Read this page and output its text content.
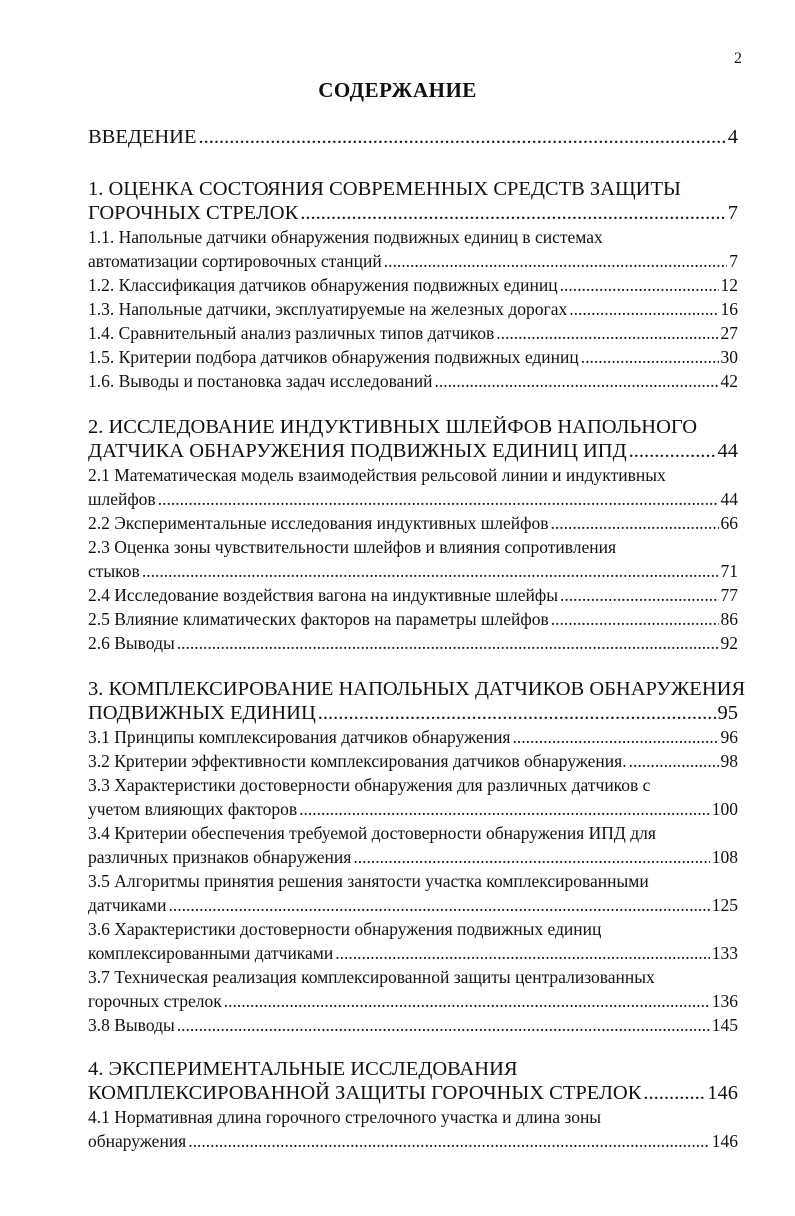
2
СОДЕРЖАНИЕ
ВВЕДЕНИЕ .....	4
1. ОЦЕНКА СОСТОЯНИЯ СОВРЕМЕННЫХ СРЕДСТВ ЗАЩИТЫ
ГОРОЧНЫХ СТРЕЛОК .....	7
1.1. Напольные датчики обнаружения подвижных единиц в системах
автоматизации сортировочных станций .....	7
1.2. Классификация датчиков обнаружения подвижных единиц .....	12
1.3. Напольные датчики, эксплуатируемые на железных дорогах .....	16
1.4. Сравнительный анализ различных типов датчиков .....	27
1.5. Критерии подбора датчиков обнаружения подвижных единиц .....	30
1.6. Выводы и постановка задач исследований .....	42
2. ИССЛЕДОВАНИЕ ИНДУКТИВНЫХ ШЛЕЙФОВ НАПОЛЬНОГО
ДАТЧИКА ОБНАРУЖЕНИЯ ПОДВИЖНЫХ ЕДИНИЦ ИПД .....	44
2.1 Математическая модель взаимодействия рельсовой линии и индуктивных
шлейфов .....	44
2.2 Экспериментальные исследования индуктивных шлейфов .....	66
2.3 Оценка зоны чувствительности шлейфов и влияния сопротивления
стыков .....	71
2.4 Исследование воздействия вагона на индуктивные шлейфы .....	77
2.5 Влияние климатических факторов на параметры шлейфов .....	86
2.6 Выводы .....	92
3. КОМПЛЕКСИРОВАНИЕ НАПОЛЬНЫХ ДАТЧИКОВ ОБНАРУЖЕНИЯ
ПОДВИЖНЫХ ЕДИНИЦ .....	95
3.1 Принципы комплексирования датчиков обнаружения .....	96
3.2 Критерии эффективности комплексирования датчиков обнаружения. .....	98
3.3 Характеристики достоверности обнаружения для различных датчиков с
учетом влияющих факторов .....	100
3.4 Критерии обеспечения требуемой достоверности обнаружения ИПД для
различных признаков обнаружения .....	108
3.5 Алгоритмы принятия решения занятости участка комплексированными
датчиками .....	125
3.6 Характеристики достоверности обнаружения подвижных единиц
комплексированными датчиками .....	133
3.7 Техническая реализация комплексированной защиты централизованных
горочных стрелок .....	136
3.8 Выводы .....	145
4. ЭКСПЕРИМЕНТАЛЬНЫЕ ИССЛЕДОВАНИЯ
КОМПЛЕКСИРОВАННОЙ ЗАЩИТЫ ГОРОЧНЫХ СТРЕЛОК .....	146
4.1 Нормативная длина горочного стрелочного участка и длина зоны
обнаружения .....	146
